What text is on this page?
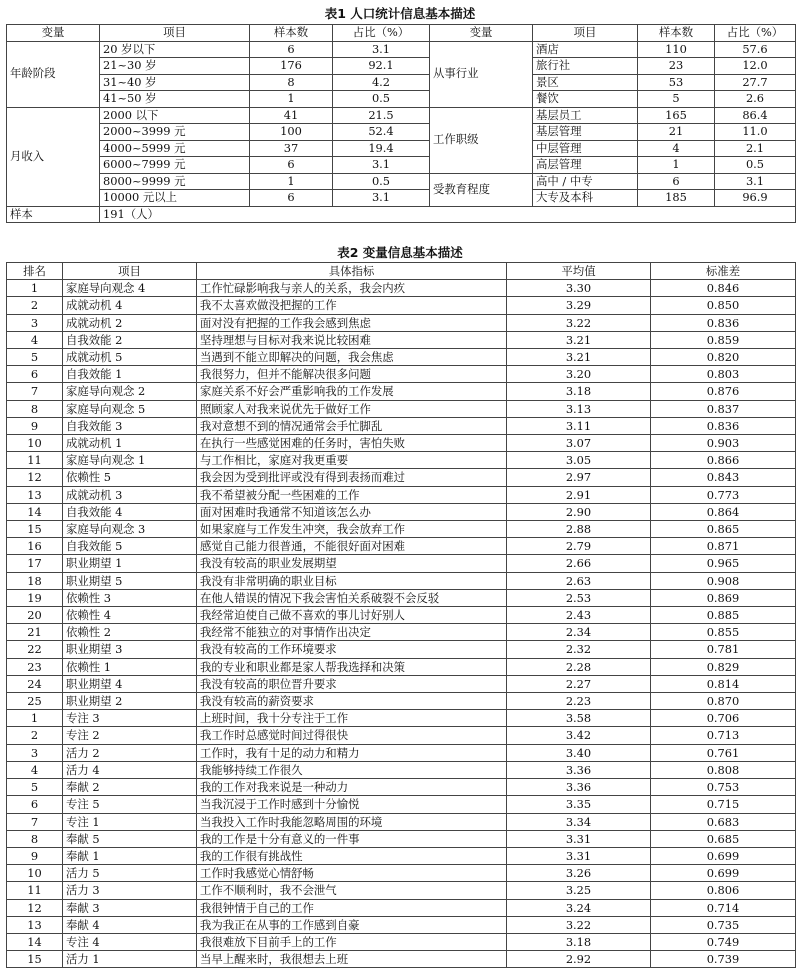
表1 人口统计信息基本描述
变量	项目	样本数	占比（%）	变量	项目	样本数	占比（%）
年龄阶段	20 岁以下	6	3.1	从事行业	酒店	110	57.6
	21~30 岁	176	92.1		旅行社	23	12.0
	31~40 岁	8	4.2		景区	53	27.7
	41~50 岁	1	0.5		餐饮	5	2.6
月收入	2000 以下	41	21.5	工作职级	基层员工	165	86.4
	2000~3999 元	100	52.4		基层管理	21	11.0
	4000~5999 元	37	19.4		中层管理	4	2.1
	6000~7999 元	6	3.1		高层管理	1	0.5
	8000~9999 元	1	0.5	受教育程度	高中 / 中专	6	3.1
	10000 元以上	6	3.1		大专及本科	185	96.9
样本	191（人）						
表2 变量信息基本描述
排名	项目	具体指标	平均值	标准差
1	家庭导向观念 4	工作忙碌影响我与亲人的关系，我会内疚	3.30	0.846
2	成就动机 4	我不太喜欢做没把握的工作	3.29	0.850
3	成就动机 2	面对没有把握的工作我会感到焦虑	3.22	0.836
4	自我效能 2	坚持理想与目标对我来说比较困难	3.21	0.859
5	成就动机 5	当遇到不能立即解决的问题，我会焦虑	3.21	0.820
6	自我效能 1	我很努力，但并不能解决很多问题	3.20	0.803
7	家庭导向观念 2	家庭关系不好会严重影响我的工作发展	3.18	0.876
8	家庭导向观念 5	照顾家人对我来说优先于做好工作	3.13	0.837
9	自我效能 3	我对意想不到的情况通常会手忙脚乱	3.11	0.836
10	成就动机 1	在执行一些感觉困难的任务时，害怕失败	3.07	0.903
11	家庭导向观念 1	与工作相比，家庭对我更重要	3.05	0.866
12	依赖性 5	我会因为受到批评或没有得到表扬而难过	2.97	0.843
13	成就动机 3	我不希望被分配一些困难的工作	2.91	0.773
14	自我效能 4	面对困难时我通常不知道该怎么办	2.90	0.864
15	家庭导向观念 3	如果家庭与工作发生冲突，我会放弃工作	2.88	0.865
16	自我效能 5	感觉自己能力很普通，不能很好面对困难	2.79	0.871
17	职业期望 1	我没有较高的职业发展期望	2.66	0.965
18	职业期望 5	我没有非常明确的职业目标	2.63	0.908
19	依赖性 3	在他人错误的情况下我会害怕关系破裂不会反驳	2.53	0.869
20	依赖性 4	我经常迫使自己做不喜欢的事儿讨好别人	2.43	0.885
21	依赖性 2	我经常不能独立的对事情作出决定	2.34	0.855
22	职业期望 3	我没有较高的工作环境要求	2.32	0.781
23	依赖性 1	我的专业和职业都是家人帮我选择和决策	2.28	0.829
24	职业期望 4	我没有较高的职位晋升要求	2.27	0.814
25	职业期望 2	我没有较高的薪资要求	2.23	0.870
1	专注 3	上班时间，我十分专注于工作	3.58	0.706
2	专注 2	我工作时总感觉时间过得很快	3.42	0.713
3	活力 2	工作时，我有十足的动力和精力	3.40	0.761
4	活力 4	我能够持续工作很久	3.36	0.808
5	奉献 2	我的工作对我来说是一种动力	3.36	0.753
6	专注 5	当我沉浸于工作时感到十分愉悦	3.35	0.715
7	专注 1	当我投入工作时我能忽略周围的环境	3.34	0.683
8	奉献 5	我的工作是十分有意义的一件事	3.31	0.685
9	奉献 1	我的工作很有挑战性	3.31	0.699
10	活力 5	工作时我感觉心情舒畅	3.26	0.699
11	活力 3	工作不顺利时，我不会泄气	3.25	0.806
12	奉献 3	我很钟情于自己的工作	3.24	0.714
13	奉献 4	我为我正在从事的工作感到自豪	3.22	0.735
14	专注 4	我很难放下目前手上的工作	3.18	0.749
15	活力 1	当早上醒来时，我很想去上班	2.92	0.739
